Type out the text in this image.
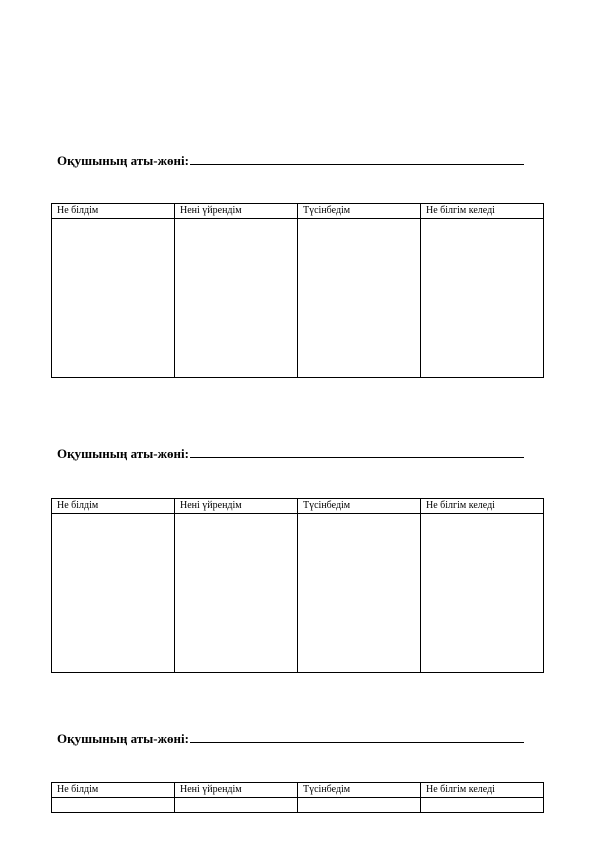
Оқушының аты-жөні:
Не білдім	Нені үйрендім	Түсінбедім	Не білгім келеді

Оқушының аты-жөні:
Не білдім	Нені үйрендім	Түсінбедім	Не білгім келеді

Оқушының аты-жөні:
Не білдім	Нені үйрендім	Түсінбедім	Не білгім келеді
